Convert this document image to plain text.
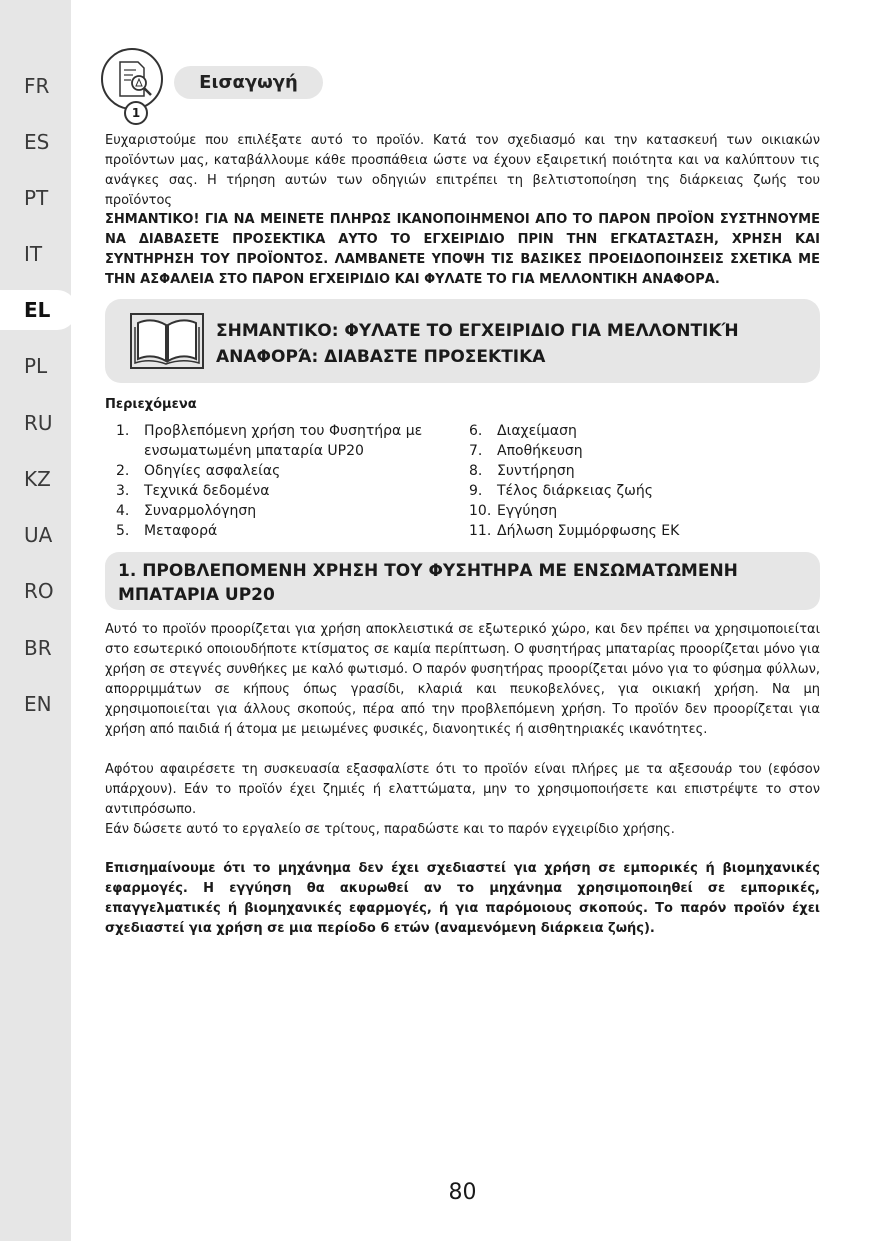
FR
ES
PT
IT
EL
PL
RU
KZ
UA
RO
BR
EN
1
Εισαγωγή

Ευχαριστούμε που επιλέξατε αυτό το προϊόν. Κατά τον σχεδιασμό και την κατασκευή των οικιακών προϊόντων μας, καταβάλλουμε κάθε προσπάθεια ώστε να έχουν εξαιρετική ποιότητα και να καλύπτουν τις ανάγκες σας. Η τήρηση αυτών των οδηγιών επιτρέπει τη βελτιστοποίηση της διάρκειας ζωής του προϊόντος

ΣΗΜΑΝΤΙΚΟ! ΓΙΑ ΝΑ ΜΕΙΝΕΤΕ ΠΛΗΡΩΣ ΙΚΑΝΟΠΟΙΗΜΕΝΟΙ ΑΠΟ ΤΟ ΠΑΡΟΝ ΠΡΟΪΟΝ ΣΥΣΤΗΝΟΥΜΕ ΝΑ ΔΙΑΒΑΣΕΤΕ ΠΡΟΣΕΚΤΙΚΑ ΑΥΤΟ ΤΟ ΕΓΧΕΙΡΙΔΙΟ ΠΡΙΝ ΤΗΝ ΕΓΚΑΤΑΣΤΑΣΗ, ΧΡΗΣΗ ΚΑΙ ΣΥΝΤΗΡΗΣΗ ΤΟΥ ΠΡΟΪΟΝΤΟΣ. ΛΑΜΒΑΝΕΤΕ ΥΠΟΨΗ ΤΙΣ ΒΑΣΙΚΕΣ ΠΡΟΕΙΔΟΠΟΙΗΣΕΙΣ ΣΧΕΤΙΚΑ ΜΕ ΤΗΝ ΑΣΦΑΛΕΙΑ ΣΤΟ ΠΑΡΟΝ ΕΓΧΕΙΡΙΔΙΟ ΚΑΙ ΦΥΛΑΤΕ ΤΟ ΓΙΑ ΜΕΛΛΟΝΤΙΚΗ ΑΝΑΦΟΡΑ.

ΣΗΜΑΝΤΙΚΟ: ΦΥΛΑΤΕ ΤΟ ΕΓΧΕΙΡΙΔΙΟ ΓΙΑ ΜΕΛΛΟΝΤΙΚΉ
ΑΝΑΦΟΡΆ: ΔΙΑΒΑΣΤΕ ΠΡΟΣΕΚΤΙΚΑ
Περιεχόμενα
1. Προβλεπόμενη χρήση του Φυσητήρα με
ενσωματωμένη μπαταρία UP20
2. Οδηγίες ασφαλείας
3. Τεχνικά δεδομένα
4. Συναρμολόγηση
5. Μεταφορά
6. Διαχείμαση
7. Αποθήκευση
8. Συντήρηση
9. Τέλος διάρκειας ζωής
10. Εγγύηση
11. Δήλωση Συμμόρφωσης ΕΚ
1. ΠΡΟΒΛΕΠΟΜΕΝΗ ΧΡΗΣΗ ΤΟΥ ΦΥΣΗΤΗΡΑ ΜΕ ΕΝΣΩΜΑΤΩΜΕΝΗ
ΜΠΑΤΑΡΙΑ UP20

Αυτό το προϊόν προορίζεται για χρήση αποκλειστικά σε εξωτερικό χώρο, και δεν πρέπει να χρησιμοποιείται στο εσωτερικό οποιουδήποτε κτίσματος σε καμία περίπτωση. Ο φυσητήρας μπαταρίας προορίζεται μόνο για χρήση σε στεγνές συνθήκες με καλό φωτισμό. Ο παρόν φυσητήρας προορίζεται μόνο για το φύσημα φύλλων, απορριμμάτων σε κήπους όπως γρασίδι, κλαριά και πευκοβελόνες, για οικιακή χρήση. Να μη χρησιμοποιείται για άλλους σκοπούς, πέρα από την προβλεπόμενη χρήση. Το προϊόν δεν προορίζεται για χρήση από παιδιά ή άτομα με μειωμένες φυσικές, διανοητικές ή αισθητηριακές ικανότητες.

Αφότου αφαιρέσετε τη συσκευασία εξασφαλίστε ότι το προϊόν είναι πλήρες με τα αξεσουάρ του (εφόσον υπάρχουν). Εάν το προϊόν έχει ζημιές ή ελαττώματα, μην το χρησιμοποιήσετε και επιστρέψτε το στον αντιπρόσωπο.

Εάν δώσετε αυτό το εργαλείο σε τρίτους, παραδώστε και το παρόν εγχειρίδιο χρήσης.

Επισημαίνουμε ότι το μηχάνημα δεν έχει σχεδιαστεί για χρήση σε εμπορικές ή βιομηχανικές εφαρμογές. Η εγγύηση θα ακυρωθεί αν το μηχάνημα χρησιμοποιηθεί σε εμπορικές, επαγγελματικές ή βιομηχανικές εφαρμογές, ή για παρόμοιους σκοπούς. Το παρόν προϊόν έχει σχεδιαστεί για χρήση σε μια περίοδο 6 ετών (αναμενόμενη διάρκεια ζωής).

80
